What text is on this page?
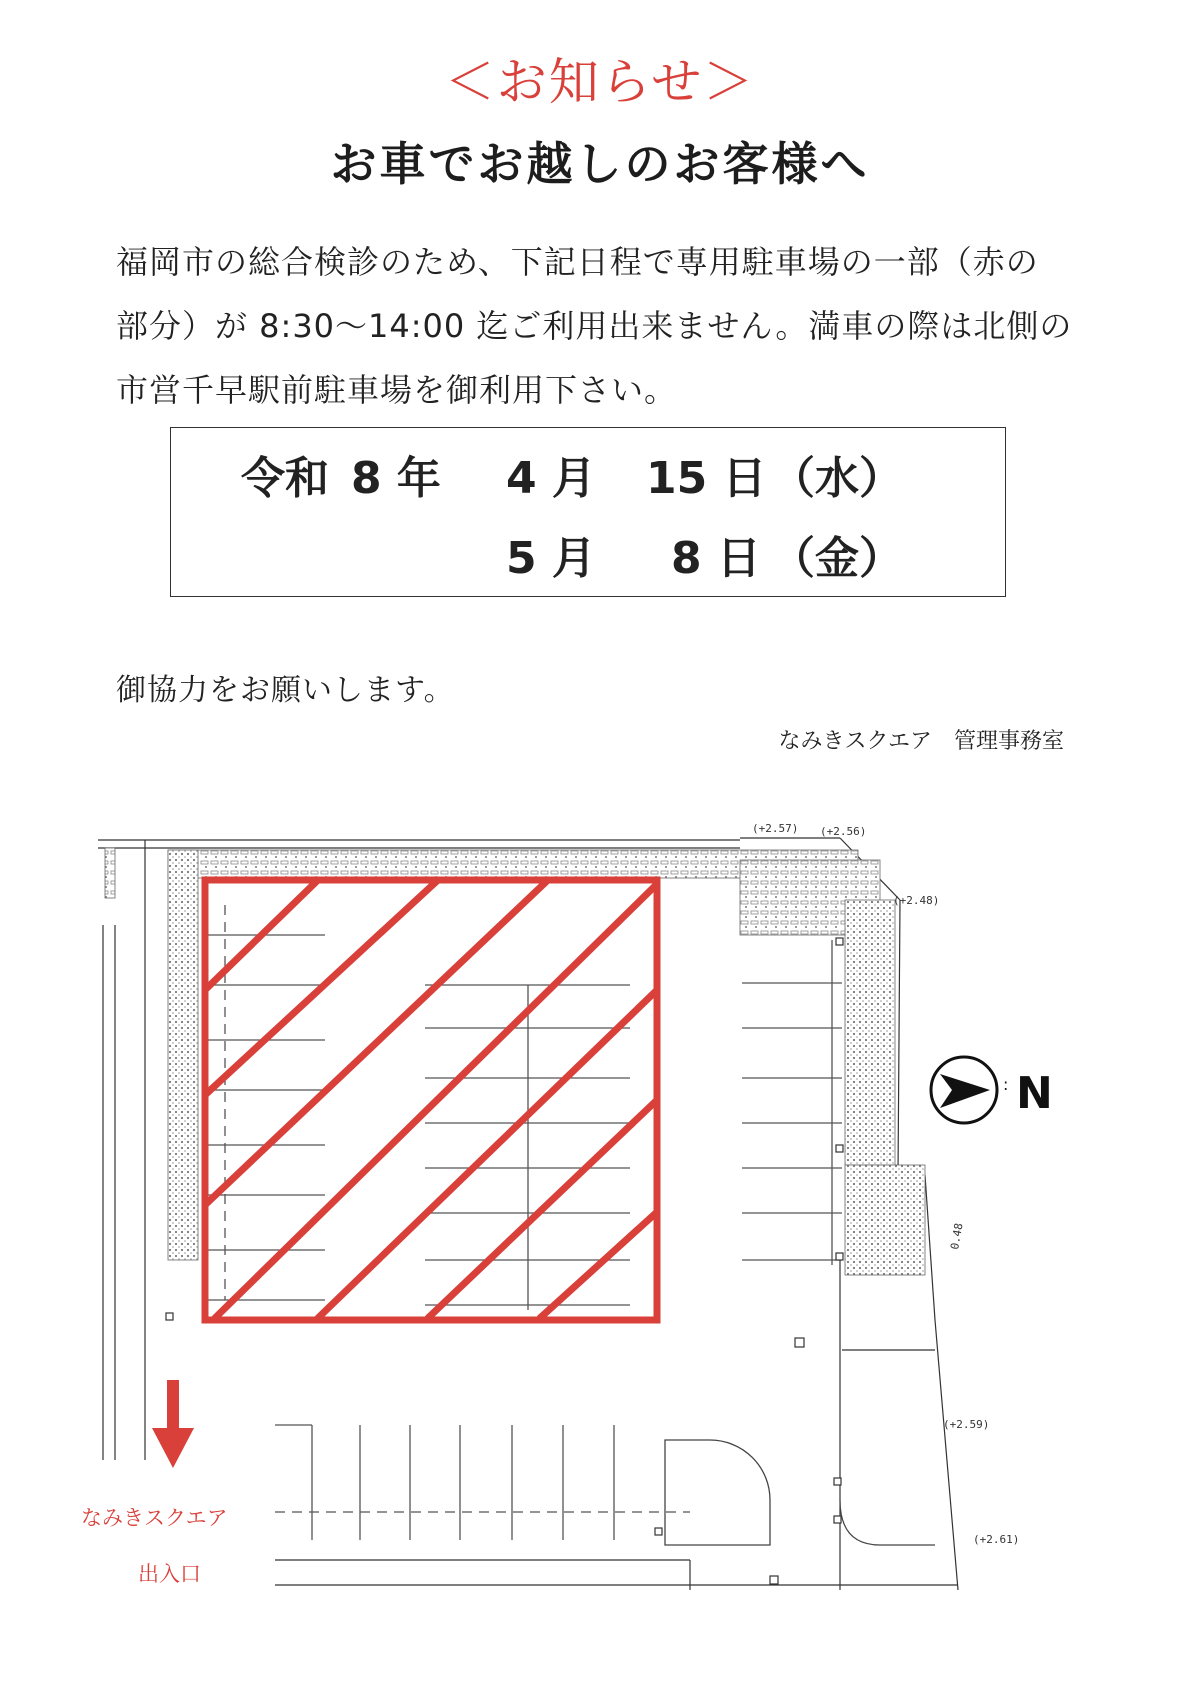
＜お知らせ＞
お車でお越しのお客様へ
福岡市の総合検診のため、下記日程で専用駐車場の一部（赤の
部分）が 8:30～14:00 迄ご利用出来ません。満車の際は北側の
市営千早駅前駐車場を御利用下さい。
令和 8 年 4 月 15 日 （水）
5 月 8 日 （金）
御協力をお願いします。
なみきスクエア　管理事務室
: N
(+2.57) (+2.56)
(+2.48)
0.48
(+2.59)
(+2.61)
なみきスクエア
出入口
